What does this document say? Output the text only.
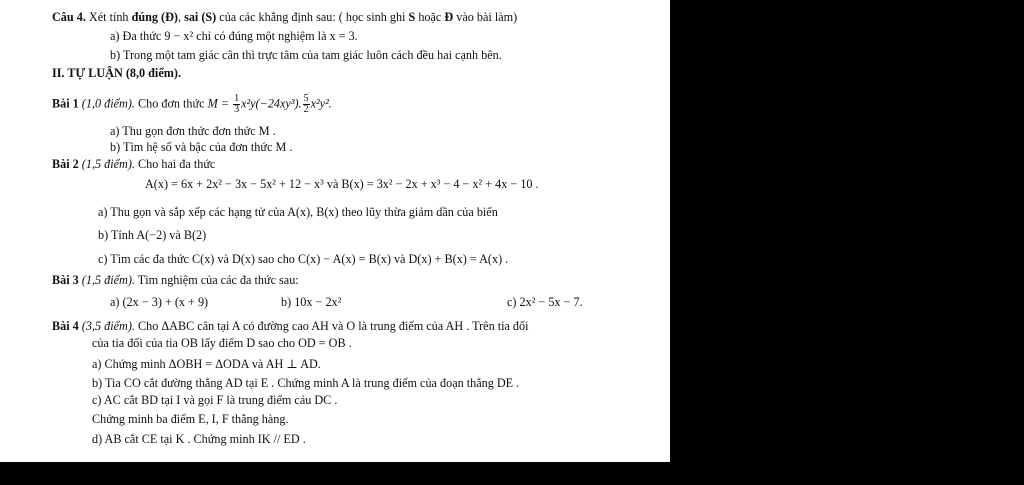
Câu 4. Xét tính đúng (Đ), sai (S) của các khẳng định sau: ( học sinh ghi S hoặc Đ vào bài làm)
a) Đa thức 9 − x² chỉ có đúng một nghiệm là x = 3.
b) Trong một tam giác cân thì trực tâm của tam giác luôn cách đều hai cạnh bên.
II. TỰ LUẬN (8,0 điểm).
Bài 1 (1,0 điểm). Cho đơn thức $M = \frac{1}{3} x^2y(-24xy^3)$. $\frac{5}{2} x^2y^2$.
a) Thu gọn đơn thức đơn thức M .
b) Tìm hệ số và bậc của đơn thức M .
Bài 2 (1,5 điểm). Cho hai đa thức
A(x) = 6x + 2x² − 3x − 5x² + 12 − x³ và B(x) = 3x² − 2x + x³ − 4 − x² + 4x − 10 .
a) Thu gọn và sắp xếp các hạng tử của A(x), B(x) theo lũy thừa giảm dần của biến
b) Tính A(−2) và B(2)
c) Tìm các đa thức C(x) và D(x) sao cho C(x) − A(x) = B(x) và D(x) + B(x) = A(x) .
Bài 3 (1,5 điểm). Tìm nghiệm của các đa thức sau:
a) (2x − 3) + (x + 9)	b) 10x − 2x²	c) 2x² − 5x − 7.
Bài 4 (3,5 điểm). Cho ΔABC cân tại A có đường cao AH và O là trung điểm của AH . Trên tia đối
của tia đối của tia OB lấy điểm D sao cho OD = OB .
a) Chứng minh ΔOBH = ΔODA và AH ⊥ AD.
b) Tia CO cắt đường thẳng AD tại E . Chứng minh A là trung điểm của đoạn thẳng DE .
c) AC cắt BD tại I và gọi F là trung điểm cảu DC .
Chứng minh ba điểm E, I, F thẳng hàng.
d) AB cắt CE tại K . Chứng minh IK // ED .
